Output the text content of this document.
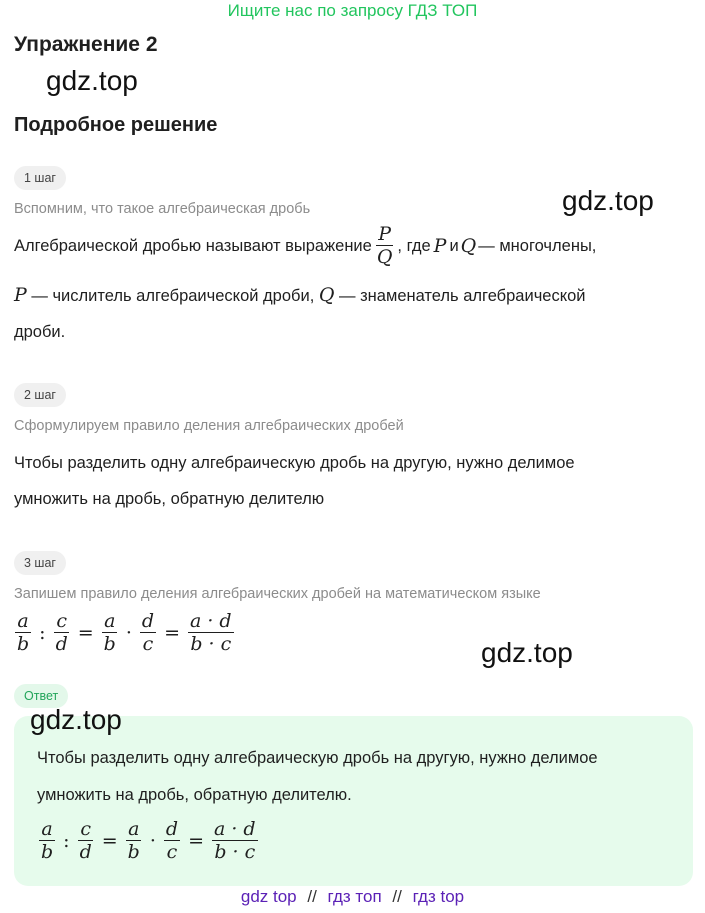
Ищите нас по запросу ГДЗ ТОП
Упражнение 2
gdz.top
Подробное решение
1 шаг
Вспомним, что такое алгебраическая дробь	gdz.top
Алгебраической дробью называют выражение $\frac{P}{Q}$ , где P и Q — многочлены,
P — числитель алгебраической дроби, Q — знаменатель алгебраической
дроби.
2 шаг
Сформулируем правило деления алгебраических дробей
Чтобы разделить одну алгебраическую дробь на другую, нужно делимое
умножить на дробь, обратную делителю
3 шаг
Запишем правило деления алгебраических дробей на математическом языке
$\frac{a}{b}$ : $\frac{c}{d} = \frac{a}{b} \cdot \frac{d}{c} = \frac{a \cdot d}{b \cdot c}$	gdz.top
Ответ
gdz.top
Чтобы разделить одну алгебраическую дробь на другую, нужно делимое
умножить на дробь, обратную делителю.
$\frac{a}{b}$ : $\frac{c}{d} = \frac{a}{b} \cdot \frac{d}{c} = \frac{a \cdot d}{b \cdot c}$
gdz top // гдз топ // гдз top
